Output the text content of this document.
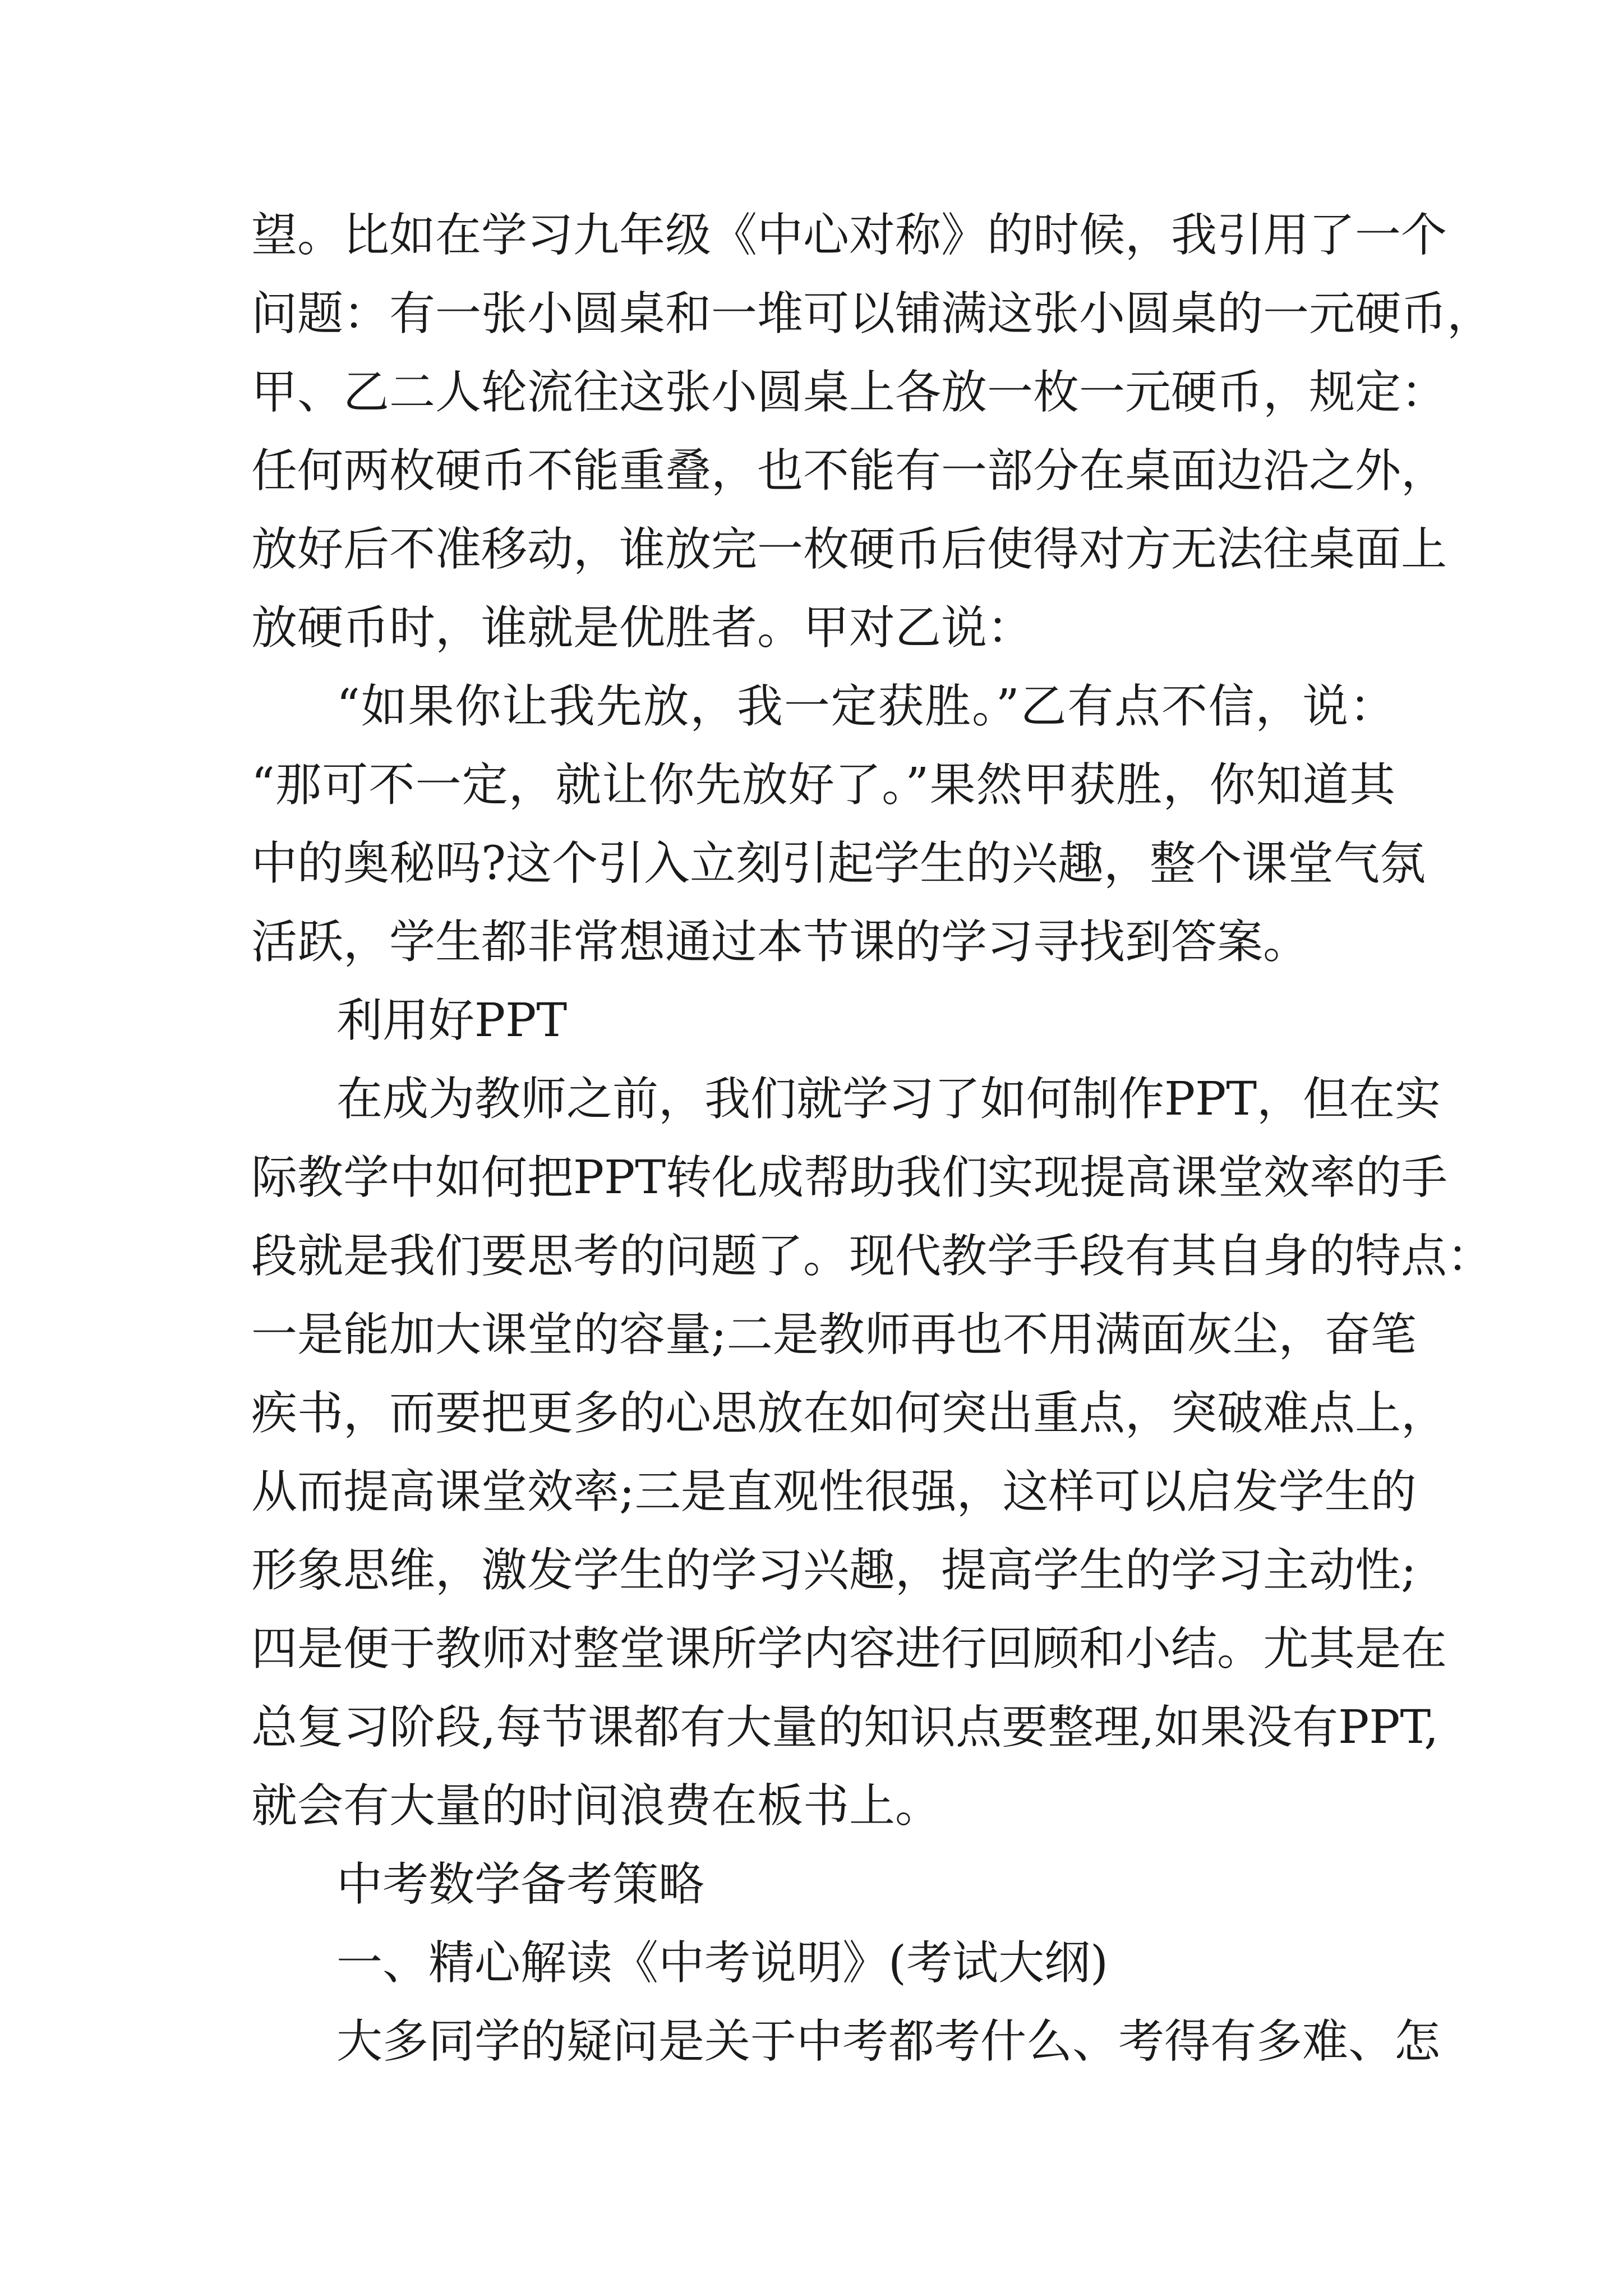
望。比如在学习九年级《中心对称》的时候，我引用了一个
问题：有一张小圆桌和一堆可以铺满这张小圆桌的一元硬币，
甲、乙二人轮流往这张小圆桌上各放一枚一元硬币，规定：
任何两枚硬币不能重叠，也不能有一部分在桌面边沿之外，
放好后不准移动，谁放完一枚硬币后使得对方无法往桌面上
放硬币时，谁就是优胜者。甲对乙说：
“如果你让我先放，我一定获胜。”乙有点不信，说：
“那可不一定，就让你先放好了。”果然甲获胜，你知道其
中的奥秘吗?这个引入立刻引起学生的兴趣，整个课堂气氛
活跃，学生都非常想通过本节课的学习寻找到答案。
利用好PPT
在成为教师之前，我们就学习了如何制作PPT，但在实
际教学中如何把PPT转化成帮助我们实现提高课堂效率的手
段就是我们要思考的问题了。现代教学手段有其自身的特点：
一是能加大课堂的容量;二是教师再也不用满面灰尘，奋笔
疾书，而要把更多的心思放在如何突出重点，突破难点上，
从而提高课堂效率;三是直观性很强，这样可以启发学生的
形象思维，激发学生的学习兴趣，提高学生的学习主动性;
四是便于教师对整堂课所学内容进行回顾和小结。尤其是在
总复习阶段,每节课都有大量的知识点要整理,如果没有PPT,
就会有大量的时间浪费在板书上。
中考数学备考策略
一、精心解读《中考说明》(考试大纲)
大多同学的疑问是关于中考都考什么、考得有多难、怎
